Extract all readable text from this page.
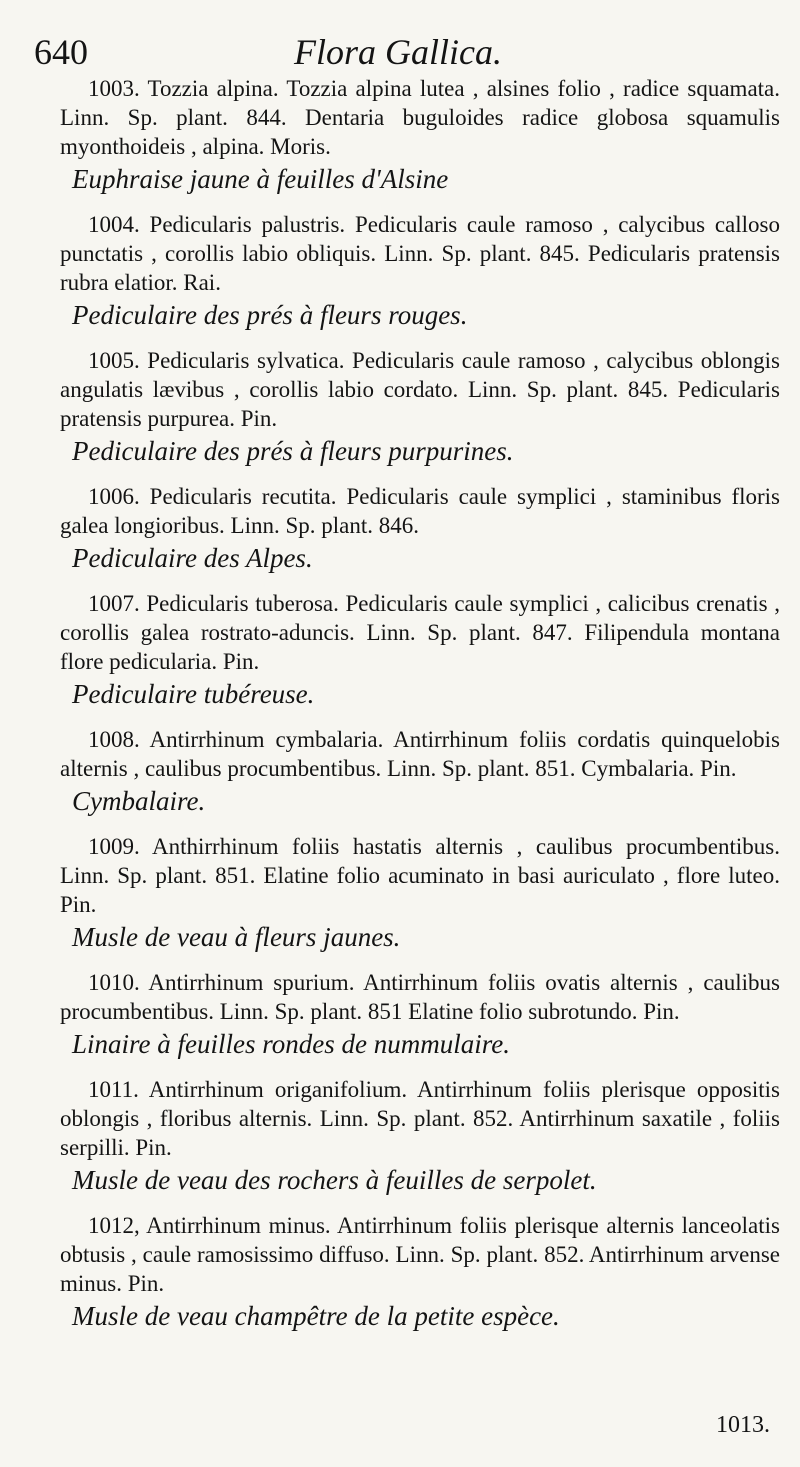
640	Flora Gallica.

1003. Tozzia alpina. Tozzia alpina lutea , alsines folio , radice squamata. Linn. Sp. plant. 844. Dentaria buguloides radice globosa squamulis myonthoideis , alpina. Moris.

Euphraise jaune à feuilles d'Alsine

1004. Pedicularis palustris. Pedicularis caule ramoso , calycibus calloso punctatis , corollis labio obliquis. Linn. Sp. plant. 845. Pedicularis pratensis rubra elatior. Rai.

Pediculaire des prés à fleurs rouges.

1005. Pedicularis sylvatica. Pedicularis caule ramoso , calycibus oblongis angulatis lævibus , corollis labio cordato. Linn. Sp. plant. 845. Pedicularis pratensis purpurea. Pin.

Pediculaire des prés à fleurs purpurines.

1006. Pedicularis recutita. Pedicularis caule symplici , staminibus floris galea longioribus. Linn. Sp. plant. 846.

Pediculaire des Alpes.

1007. Pedicularis tuberosa. Pedicularis caule symplici , calicibus crenatis , corollis galea rostrato-aduncis. Linn. Sp. plant. 847. Filipendula montana flore pedicularia. Pin.

Pediculaire tubéreuse.

1008. Antirrhinum cymbalaria. Antirrhinum foliis cordatis quinquelobis alternis , caulibus procumbentibus. Linn. Sp. plant. 851. Cymbalaria. Pin.

Cymbalaire.

1009. Anthirrhinum foliis hastatis alternis , caulibus procumbentibus. Linn. Sp. plant. 851. Elatine folio acuminato in basi auriculato , flore luteo. Pin.

Musle de veau à fleurs jaunes.

1010. Antirrhinum spurium. Antirrhinum foliis ovatis alternis , caulibus procumbentibus. Linn. Sp. plant. 851 Elatine folio subrotundo. Pin.

Linaire à feuilles rondes de nummulaire.

1011. Antirrhinum origanifolium. Antirrhinum foliis plerisque oppositis oblongis , floribus alternis. Linn. Sp. plant. 852. Antirrhinum saxatile , foliis serpilli. Pin.

Musle de veau des rochers à feuilles de serpolet.

1012, Antirrhinum minus. Antirrhinum foliis plerisque alternis lanceolatis obtusis , caule ramosissimo diffuso. Linn. Sp. plant. 852. Antirrhinum arvense minus. Pin.

Musle de veau champêtre de la petite espèce.

1013.
